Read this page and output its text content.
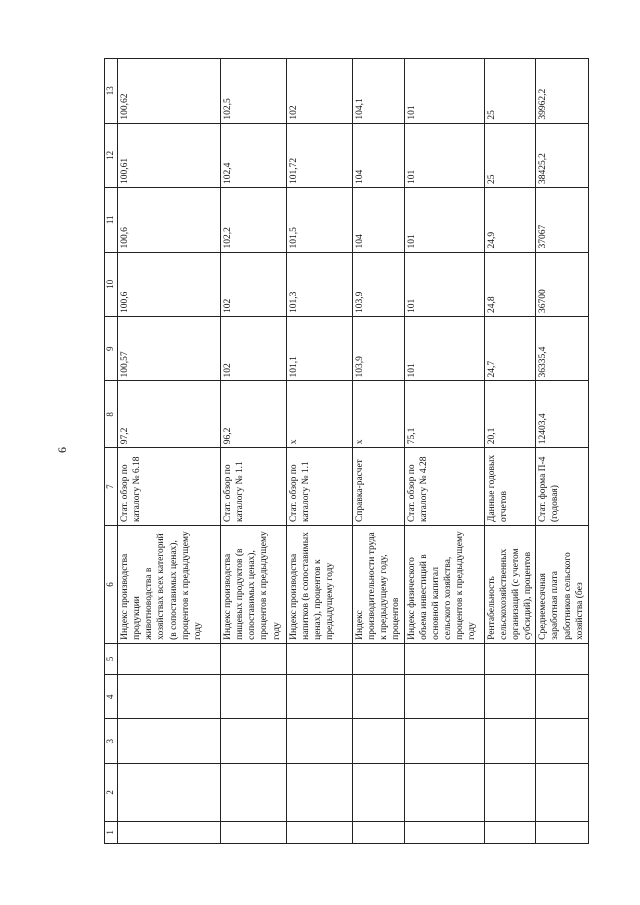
6
1	2	3	4	5	6	7	8	9	10	11	12	13
					Индекс производства продукции животноводства в хозяйствах всех категорий (в сопоставимых ценах), процентов к предыдущему году	Стат. обзор по каталогу № 6.18	97,2	100,57	100,6	100,6	100,61	100,62
					Индекс производства пищевых продуктов (в сопоставимых ценах), процентов к предыдущему году	Стат. обзор по каталогу № 1.1	96,2	102	102	102,2	102,4	102,5
					Индекс производства напитков (в сопоставимых ценах), процентов к предыдущему году	Стат. обзор по каталогу № 1.1	x	101,1	101,3	101,5	101,72	102
					Индекс производительности труда к предыдущему году, процентов	Справка-расчет	x	103,9	103,9	104	104	104,1
					Индекс физического объема инвестиций в основной капитал сельского хозяйства, процентов к предыдущему году	Стат. обзор по каталогу № 4.28	75,1	101	101	101	101	101
					Рентабельность сельскохозяйственных организаций (с учетом субсидий), процентов	Данные годовых отчетов	20,1	24,7	24,8	24,9	25	25
					Среднемесячная заработная плата работников сельского хозяйства (без	Стат. форма П-4 (годовая)	12403,4	36335,4	36700	37067	38425,2	39962,2
